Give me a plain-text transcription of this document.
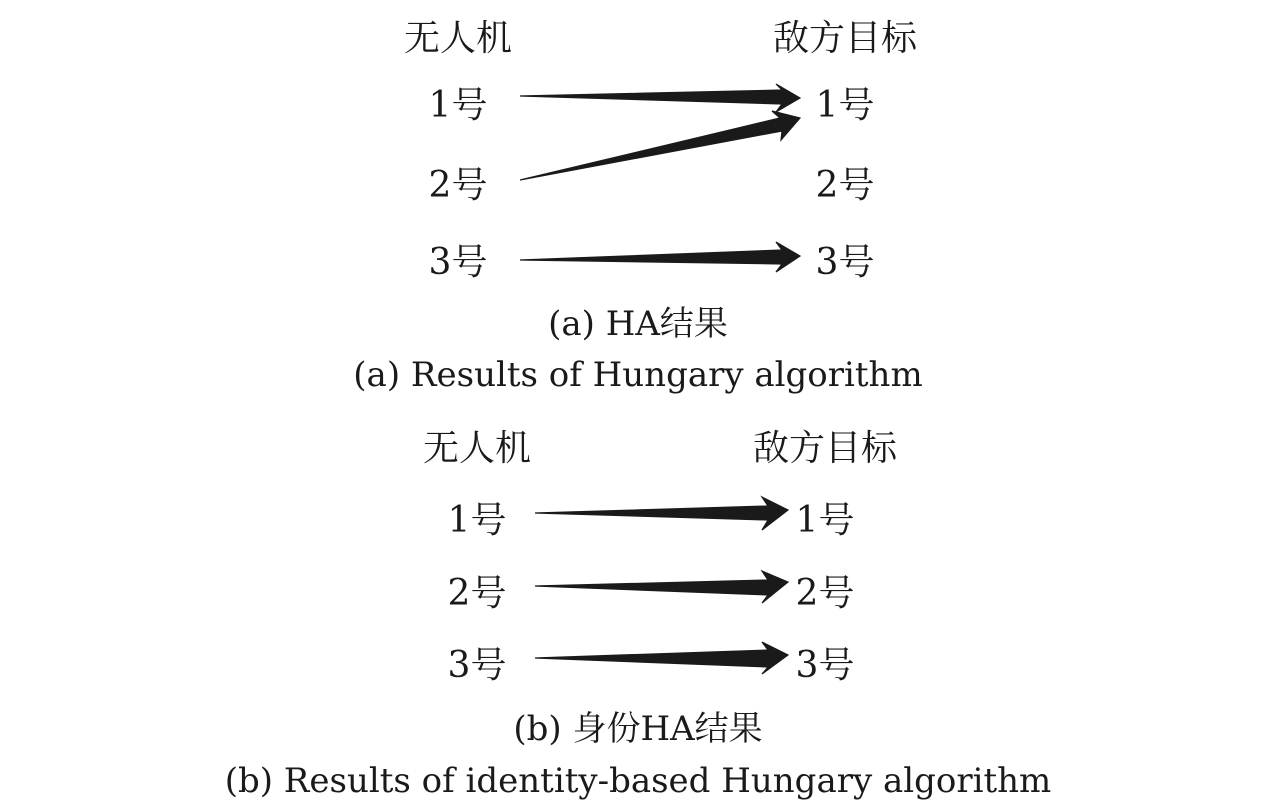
无人机	敌方目标
1号
2号
3号
1号
2号
3号
(a) HA结果
(a) Results of Hungary algorithm
无人机	敌方目标
1号
2号
3号
1号
2号
3号
(b) 身份HA结果
(b) Results of identity-based Hungary algorithm
